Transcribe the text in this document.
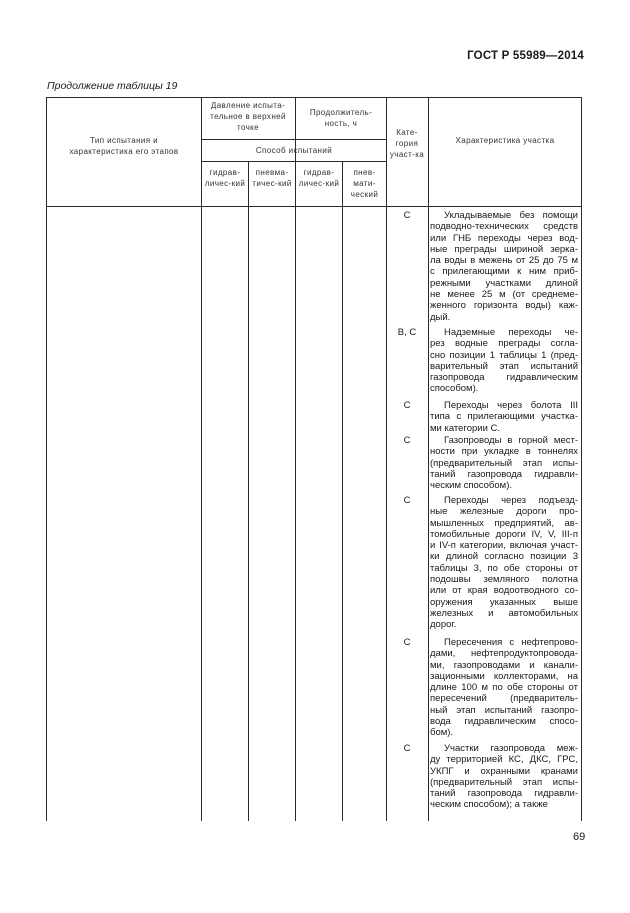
ГОСТ Р 55989—2014
Продолжение таблицы 19
Тип испытания и характеристика его этапов
Давление испыта-тельное в верхней точке
Продолжитель-ность, ч
Способ испытаний
Кате-гория участ-ка
Характеристика участка
гидрав-личес-кий
пневма-тичес-кий
гидрав-личес-кий
пнев-мати-ческий
С	Укладываемые без помощи
подводно-технических средств
или ГНБ переходы через вод-
ные преграды шириной зерка-
ла воды в межень от 25 до 75 м
с прилегающими к ним приб-
режными участками длиной
не менее 25 м (от среднеме-
женного горизонта воды) каж-
дый.
В, С	Надземные переходы че-
рез водные преграды согла-
сно позиции 1 таблицы 1 (пред-
варительный этап испытаний
газопровода гидравлическим
способом).
С	Переходы через болота III
типа с прилегающими участка-
ми категории С.
С	Газопроводы в горной мест-
ности при укладке в тоннелях
(предварительный этап испы-
таний газопровода гидравли-
ческим способом).
С	Переходы через подъезд-
ные железные дороги про-
мышленных предприятий, ав-
томобильные дороги IV, V, III-п
и IV-п категории, включая участ-
ки длиной согласно позиции 3
таблицы 3, по обе стороны от
подошвы земляного полотна
или от края водоотводного со-
оружения указанных выше
железных и автомобильных
дорог.
С	Пересечения с нефтепрово-
дами, нефтепродуктопровода-
ми, газопроводами и канали-
зационными коллекторами, на
длине 100 м по обе стороны от
пересечений (предваритель-
ный этап испытаний газопро-
вода гидравлическим спосо-
бом).
С	Участки газопровода меж-
ду территорией КС, ДКС, ГРС,
УКПГ и охранными кранами
(предварительный этап испы-
таний газопровода гидравли-
ческим способом); а также
69
